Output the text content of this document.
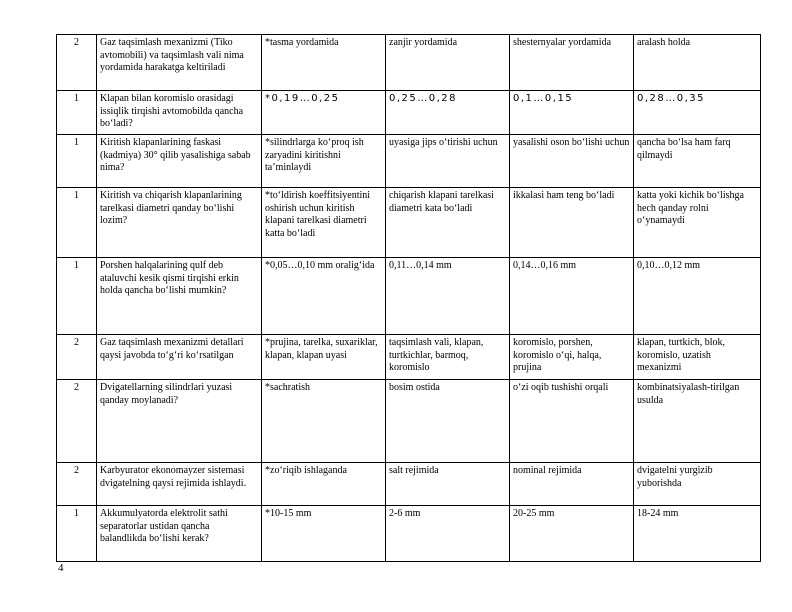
2	Gaz taqsimlash mexanizmi (Tiko avtomobili) va taqsimlash vali nima yordamida harakatga keltiriladi	*tasma yordamida	zanjir yordamida	shesternyalar yordamida	aralash holda
1	Klapan bilan koromislo orasidagi issiqlik tirqishi avtomobilda qancha bo‘ladi?	*0,19…0,25	0,25…0,28	0,1…0,15	0,28…0,35
1	Kiritish klapanlarining faskasi (kadmiya) 30° qilib yasalishiga sabab nima?	*silindrlarga ko‘proq ish zaryadini kiritishni ta’minlaydi	uyasiga jips o‘tirishi uchun	yasalishi oson bo‘lishi uchun	qancha bo‘lsa ham farq qilmaydi
1	Kiritish va chiqarish klapanlarining tarelkasi diametri qanday bo‘lishi lozim?	*to‘ldirish koeffitsiyentini oshirish uchun kiritish klapani tarelkasi diametri katta bo‘ladi	chiqarish klapani tarelkasi diametri kata bo‘ladi	ikkalasi ham teng bo‘ladi	katta yoki kichik bo‘lishga hech qanday rolni o‘ynamaydi
1	Porshen halqalarining qulf deb ataluvchi kesik qismi tirqishi erkin holda qancha bo‘lishi mumkin?	*0,05…0,10 mm oralig‘ida	0,11…0,14 mm	0,14…0,16 mm	0,10…0,12 mm
2	Gaz taqsimlash mexanizmi detallari qaysi javobda to‘g‘ri ko‘rsatilgan	*prujina, tarelka, suxariklar, klapan, klapan uyasi	taqsimlash vali, klapan, turtkichlar, barmoq, koromislo	koromislo, porshen, koromislo o‘qi, halqa, prujina	klapan, turtkich, blok, koromislo, uzatish mexanizmi
2	Dvigatellarning silindrlari yuzasi qanday moylanadi?	*sachratish	bosim ostida	o‘zi oqib tushishi orqali	kombinatsiyalash-tirilgan usulda
2	Karbyurator ekonomayzer sistemasi dvigatelning qaysi rejimida ishlaydi.	*zo‘riqib ishlaganda	salt rejimida	nominal rejimida	dvigatelni yurgizib yuborishda
1	Akkumulyatorda elektrolit sathi separatorlar ustidan qancha balandlikda bo‘lishi kerak?	*10-15 mm	2-6 mm	20-25 mm	18-24 mm
4
